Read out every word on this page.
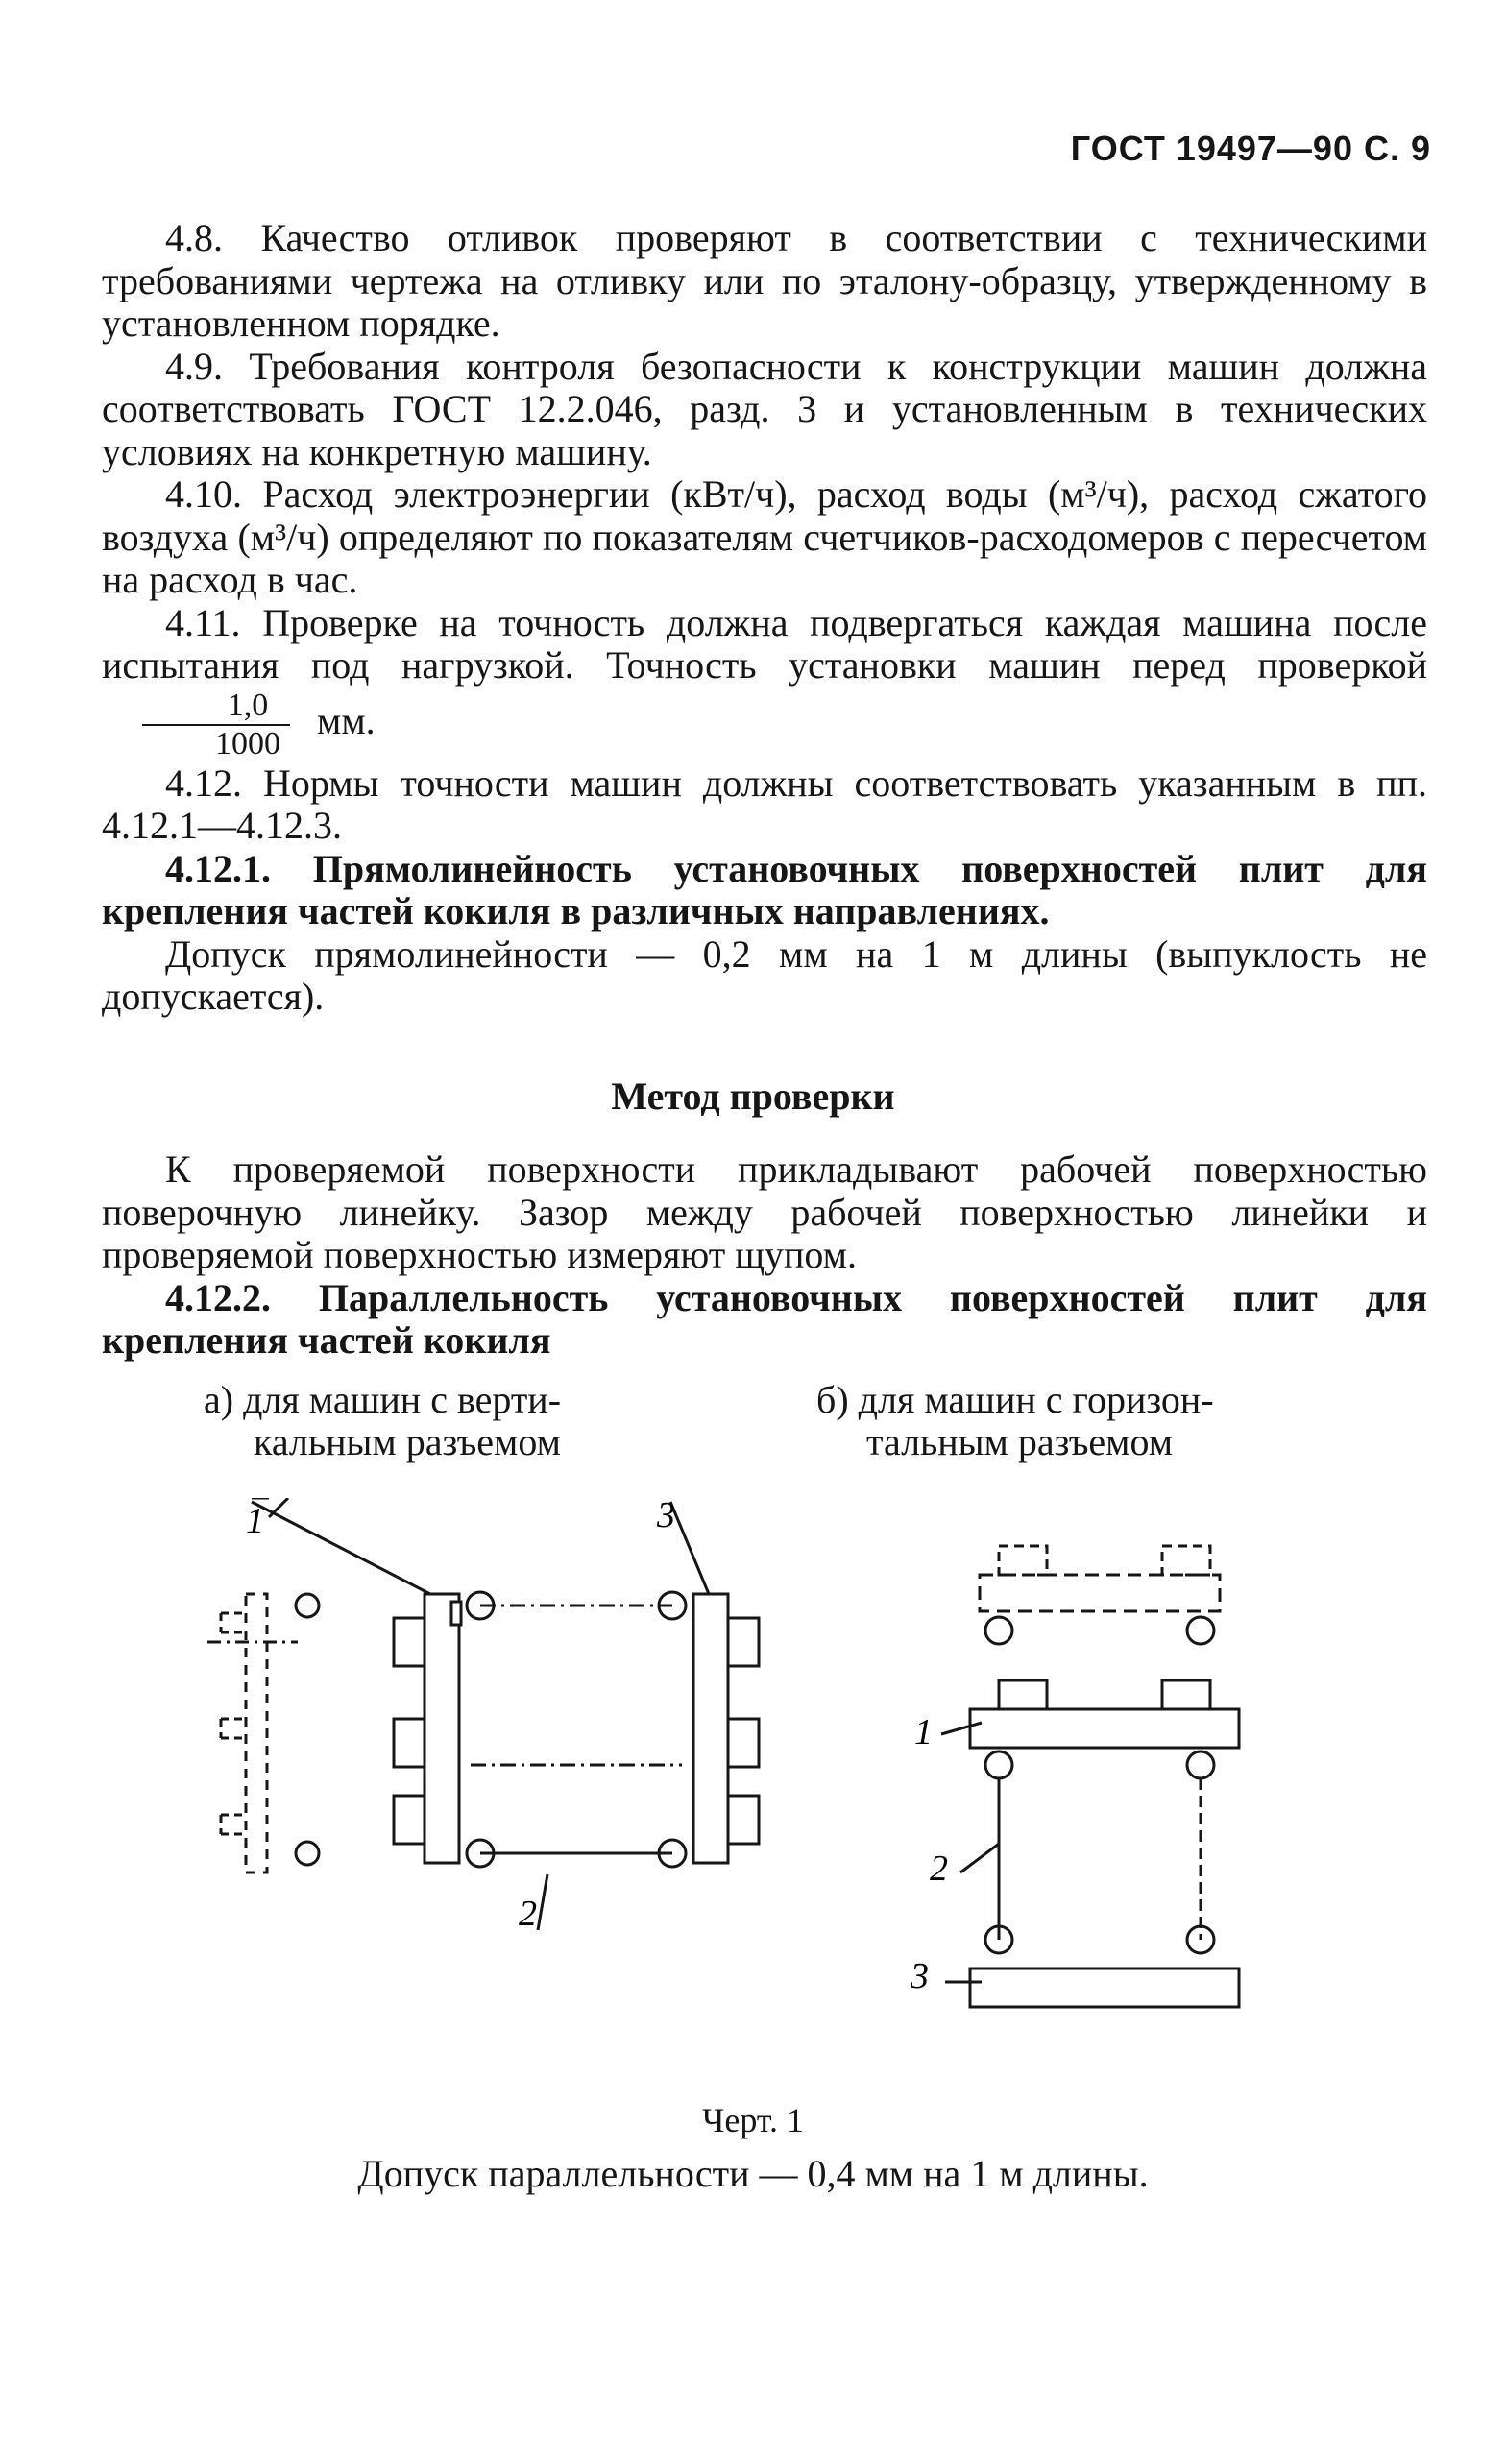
ГОСТ 19497—90 С. 9

4.8. Качество отливок проверяют в соответствии с техническими требованиями чертежа на отливку или по эталону-образцу, утвержденному в установленном порядке.

4.9. Требования контроля безопасности к конструкции машин должна соответствовать ГОСТ 12.2.046, разд. 3 и установленным в технических условиях на конкретную машину.

4.10. Расход электроэнергии (кВт/ч), расход воды (м³/ч), расход сжатого воздуха (м³/ч) определяют по показателям счетчиков-расходомеров с пересчетом на расход в час.

4.11. Проверке на точность должна подвергаться каждая машина после испытания под нагрузкой. Точность установки машин перед проверкой
$\frac{1,0}{1000}$ мм.

4.12. Нормы точности машин должны соответствовать указанным в пп. 4.12.1—4.12.3.

4.12.1. Прямолинейность установочных поверхностей плит для крепления частей кокиля в различных направлениях.

Допуск прямолинейности — 0,2 мм на 1 м длины (выпуклость не допускается).

Метод проверки

К проверяемой поверхности прикладывают рабочей поверхностью поверочную линейку. Зазор между рабочей поверхностью линейки и проверяемой поверхностью измеряют щупом.

4.12.2. Параллельность установочных поверхностей плит для крепления частей кокиля

а) для машин с верти-
кальным разъемом
б) для машин с горизон-
тальным разъемом
1	3
2
1
2
3
Черт. 1
Допуск параллельности — 0,4 мм на 1 м длины.
